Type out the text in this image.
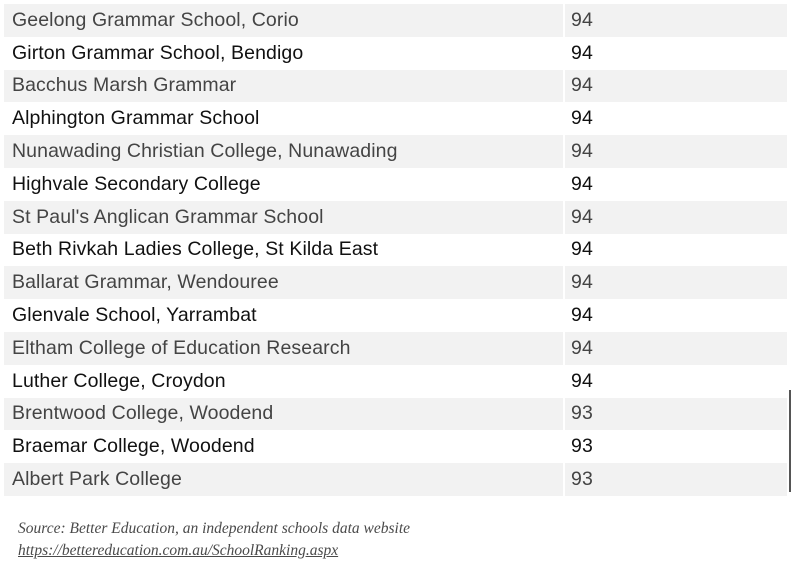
Geelong Grammar School, Corio	94
Girton Grammar School, Bendigo	94
Bacchus Marsh Grammar	94
Alphington Grammar School	94
Nunawading Christian College, Nunawading	94
Highvale Secondary College	94
St Paul's Anglican Grammar School	94
Beth Rivkah Ladies College, St Kilda East	94
Ballarat Grammar, Wendouree	94
Glenvale School, Yarrambat	94
Eltham College of Education Research	94
Luther College, Croydon	94
Brentwood College, Woodend	93
Braemar College, Woodend	93
Albert Park College	93
Source: Better Education, an independent schools data website
https://bettereducation.com.au/SchoolRanking.aspx
